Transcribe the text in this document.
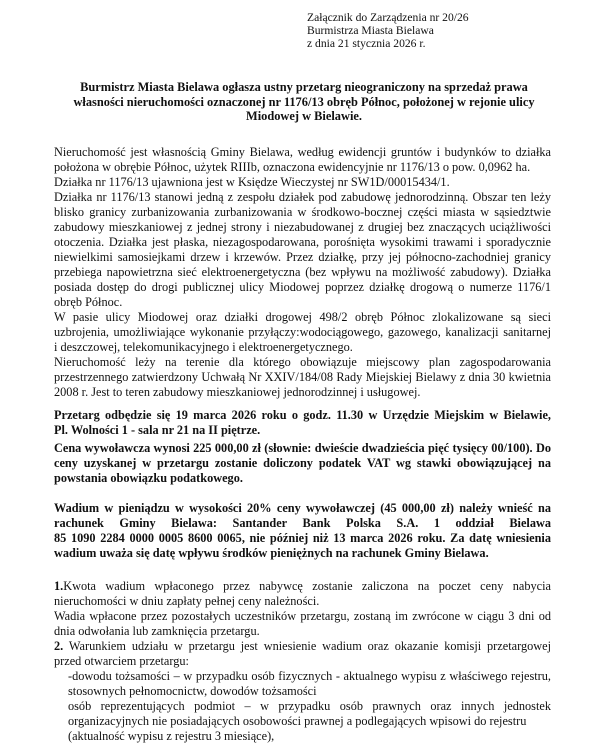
Załącznik do Zarządzenia nr 20/26
Burmistrza Miasta Bielawa
z dnia 21 stycznia 2026 r.
Burmistrz Miasta Bielawa ogłasza ustny przetarg nieograniczony na sprzedaż prawa
własności nieruchomości oznaczonej nr 1176/13 obręb Północ, położonej w rejonie ulicy
Miodowej w Bielawie.
Nieruchomość jest własnością Gminy Bielawa, według ewidencji gruntów i budynków to działka
położona w obrębie Północ, użytek RIIIb, oznaczona ewidencyjnie nr 1176/13 o pow. 0,0962 ha.
Działka nr 1176/13 ujawniona jest w Księdze Wieczystej nr SW1D/00015434/1.
Działka nr 1176/13 stanowi jedną z zespołu działek pod zabudowę jednorodzinną. Obszar ten leży
blisko granicy zurbanizowania zurbanizowania w środkowo-bocznej części miasta w sąsiedztwie
zabudowy mieszkaniowej z jednej strony i niezabudowanej z drugiej bez znaczących uciążliwości
otoczenia. Działka jest płaska, niezagospodarowana, porośnięta wysokimi trawami i sporadycznie
niewielkimi samosiejkami drzew i krzewów. Przez działkę, przy jej północno-zachodniej granicy
przebiega napowietrzna sieć elektroenergetyczna (bez wpływu na możliwość zabudowy). Działka
posiada dostęp do drogi publicznej ulicy Miodowej poprzez działkę drogową o numerze 1176/1
obręb Północ.
W pasie ulicy Miodowej oraz działki drogowej 498/2 obręb Północ zlokalizowane są sieci
uzbrojenia, umożliwiające wykonanie przyłączy:wodociągowego, gazowego, kanalizacji sanitarnej
i deszczowej, telekomunikacyjnego i elektroenergetycznego.
Nieruchomość leży na terenie dla którego obowiązuje miejscowy plan zagospodarowania
przestrzennego zatwierdzony Uchwałą Nr XXIV/184/08 Rady Miejskiej Bielawy z dnia 30 kwietnia
2008 r. Jest to teren zabudowy mieszkaniowej jednorodzinnej i usługowej.
Przetarg odbędzie się 19 marca 2026 roku o godz. 11.30 w Urzędzie Miejskim w Bielawie,
Pl. Wolności 1 - sala nr 21 na II piętrze.
Cena wywoławcza wynosi 225 000,00 zł (słownie: dwieście dwadzieścia pięć tysięcy 00/100). Do
ceny uzyskanej w przetargu zostanie doliczony podatek VAT wg stawki obowiązującej na
powstania obowiązku podatkowego.
Wadium w pieniądzu w wysokości 20% ceny wywoławczej (45 000,00 zł) należy wnieść na
rachunek Gminy Bielawa: Santander Bank Polska S.A. 1 oddział Bielawa
85 1090 2284 0000 0005 8600 0065, nie później niż 13 marca 2026 roku. Za datę wniesienia
wadium uważa się datę wpływu środków pieniężnych na rachunek Gminy Bielawa.
1.Kwota wadium wpłaconego przez nabywcę zostanie zaliczona na poczet ceny nabycia
nieruchomości w dniu zapłaty pełnej ceny należności.
Wadia wpłacone przez pozostałych uczestników przetargu, zostaną im zwrócone w ciągu 3 dni od
dnia odwołania lub zamknięcia przetargu.
2. Warunkiem udziału w przetargu jest wniesienie wadium oraz okazanie komisji przetargowej
przed otwarciem przetargu:
-dowodu tożsamości – w przypadku osób fizycznych - aktualnego wypisu z właściwego rejestru,
stosownych pełnomocnictw, dowodów tożsamości
osób reprezentujących podmiot – w przypadku osób prawnych oraz innych jednostek
organizacyjnych nie posiadających osobowości prawnej a podlegających wpisowi do rejestru
(aktualność wypisu z rejestru 3 miesiące),
